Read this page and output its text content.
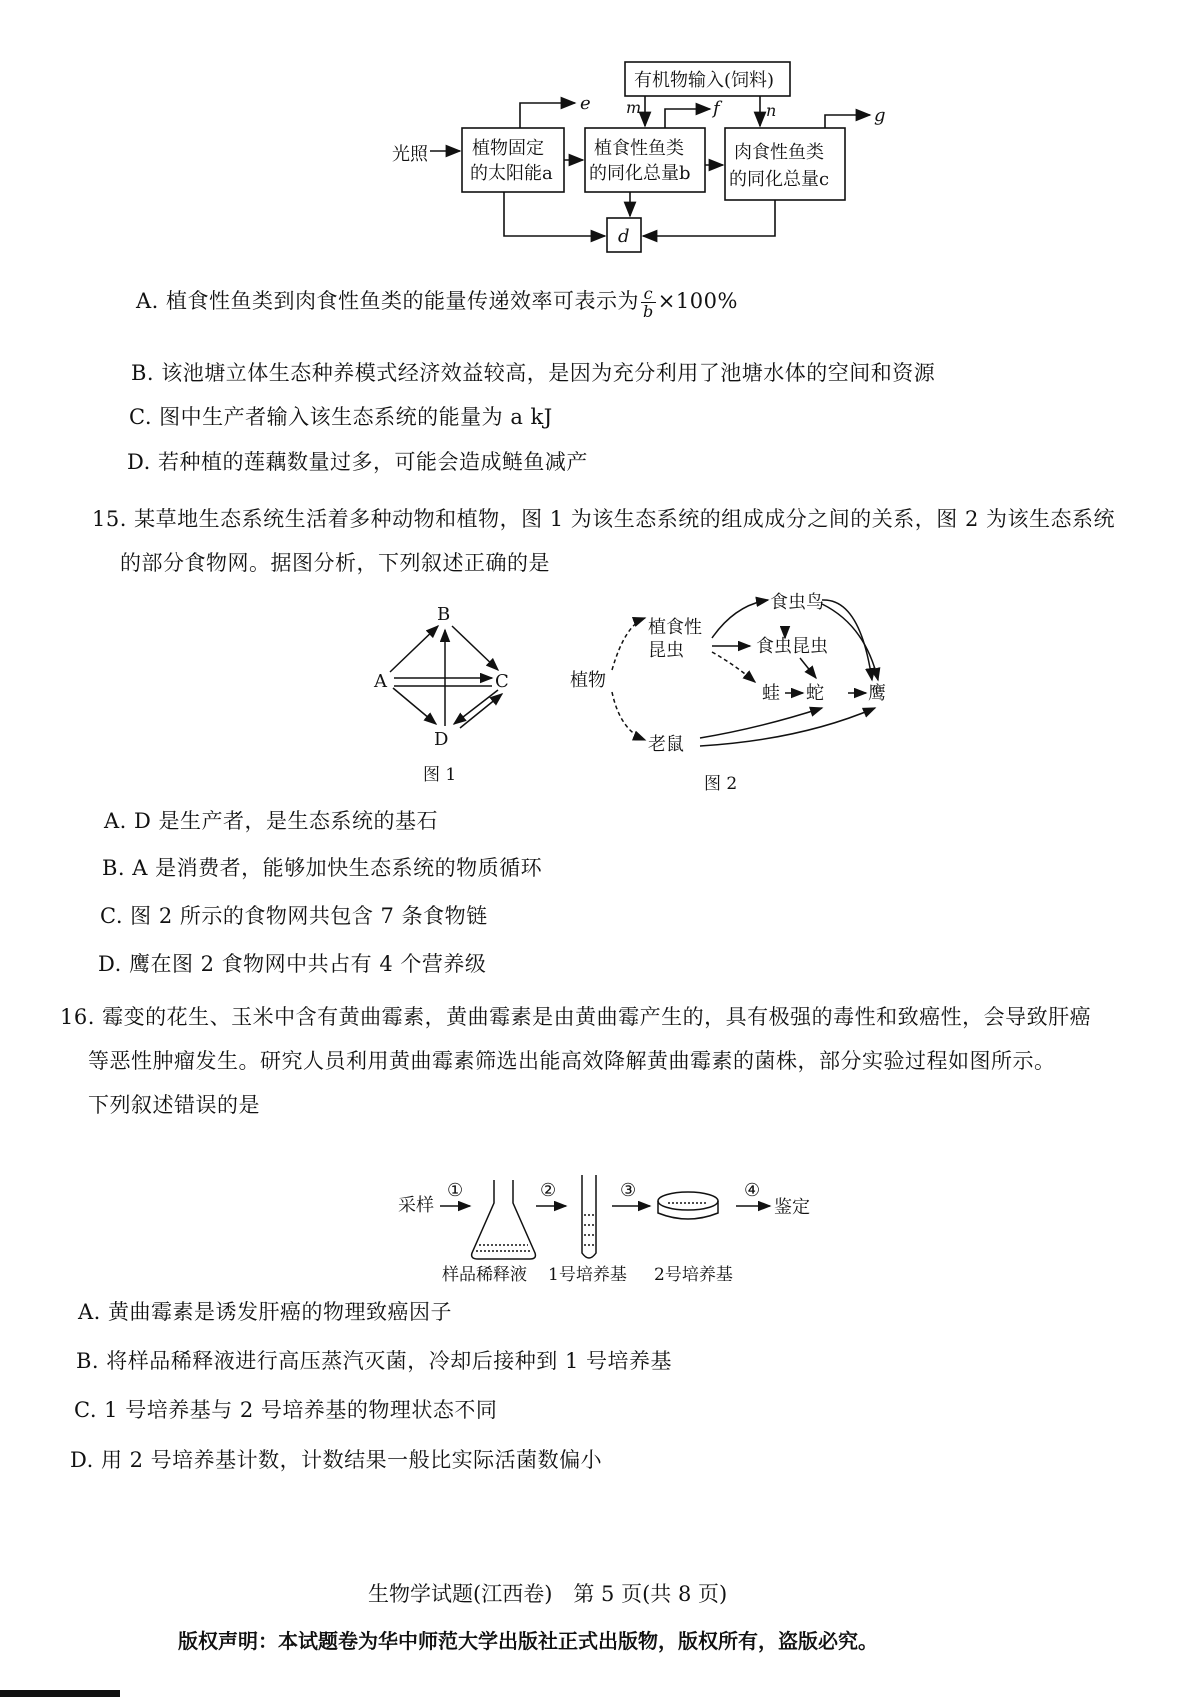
有机物输入(饲料)
光照 植物固定
的太阳能a
植食性鱼类
的同化总量b
肉食性鱼类
的同化总量c
d
e	f	g
m	n
A. 植食性鱼类到肉食性鱼类的能量传递效率可表示为 $\frac{c}{b} \times 100\%$
B. 该池塘立体生态种养模式经济效益较高，是因为充分利用了池塘水体的空间和资源
C. 图中生产者输入该生态系统的能量为 a kJ
D. 若种植的莲藕数量过多，可能会造成鲢鱼减产

15. 某草地生态系统生活着多种动物和植物，图 1 为该生态系统的组成成分之间的关系，图 2 为该生态系统

的部分食物网。据图分析，下列叙述正确的是

A
B
C
D
图 1
植物
植食性
昆虫
食虫鸟
食虫昆虫
蛙 蛇 鹰
老鼠
图 2
A. D 是生产者，是生态系统的基石
B. A 是消费者，能够加快生态系统的物质循环
C. 图 2 所示的食物网共包含 7 条食物链
D. 鹰在图 2 食物网中共占有 4 个营养级

16. 霉变的花生、玉米中含有黄曲霉素，黄曲霉素是由黄曲霉产生的，具有极强的毒性和致癌性，会导致肝癌

等恶性肿瘤发生。研究人员利用黄曲霉素筛选出能高效降解黄曲霉素的菌株，部分实验过程如图所示。

下列叙述错误的是

采样
①	②	③	④
鉴定
样品稀释液 1号培养基 2号培养基
A. 黄曲霉素是诱发肝癌的物理致癌因子
B. 将样品稀释液进行高压蒸汽灭菌，冷却后接种到 1 号培养基
C. 1 号培养基与 2 号培养基的物理状态不同
D. 用 2 号培养基计数，计数结果一般比实际活菌数偏小
生物学试题(江西卷)　第 5 页(共 8 页)
版权声明：本试题卷为华中师范大学出版社正式出版物，版权所有，盗版必究。
